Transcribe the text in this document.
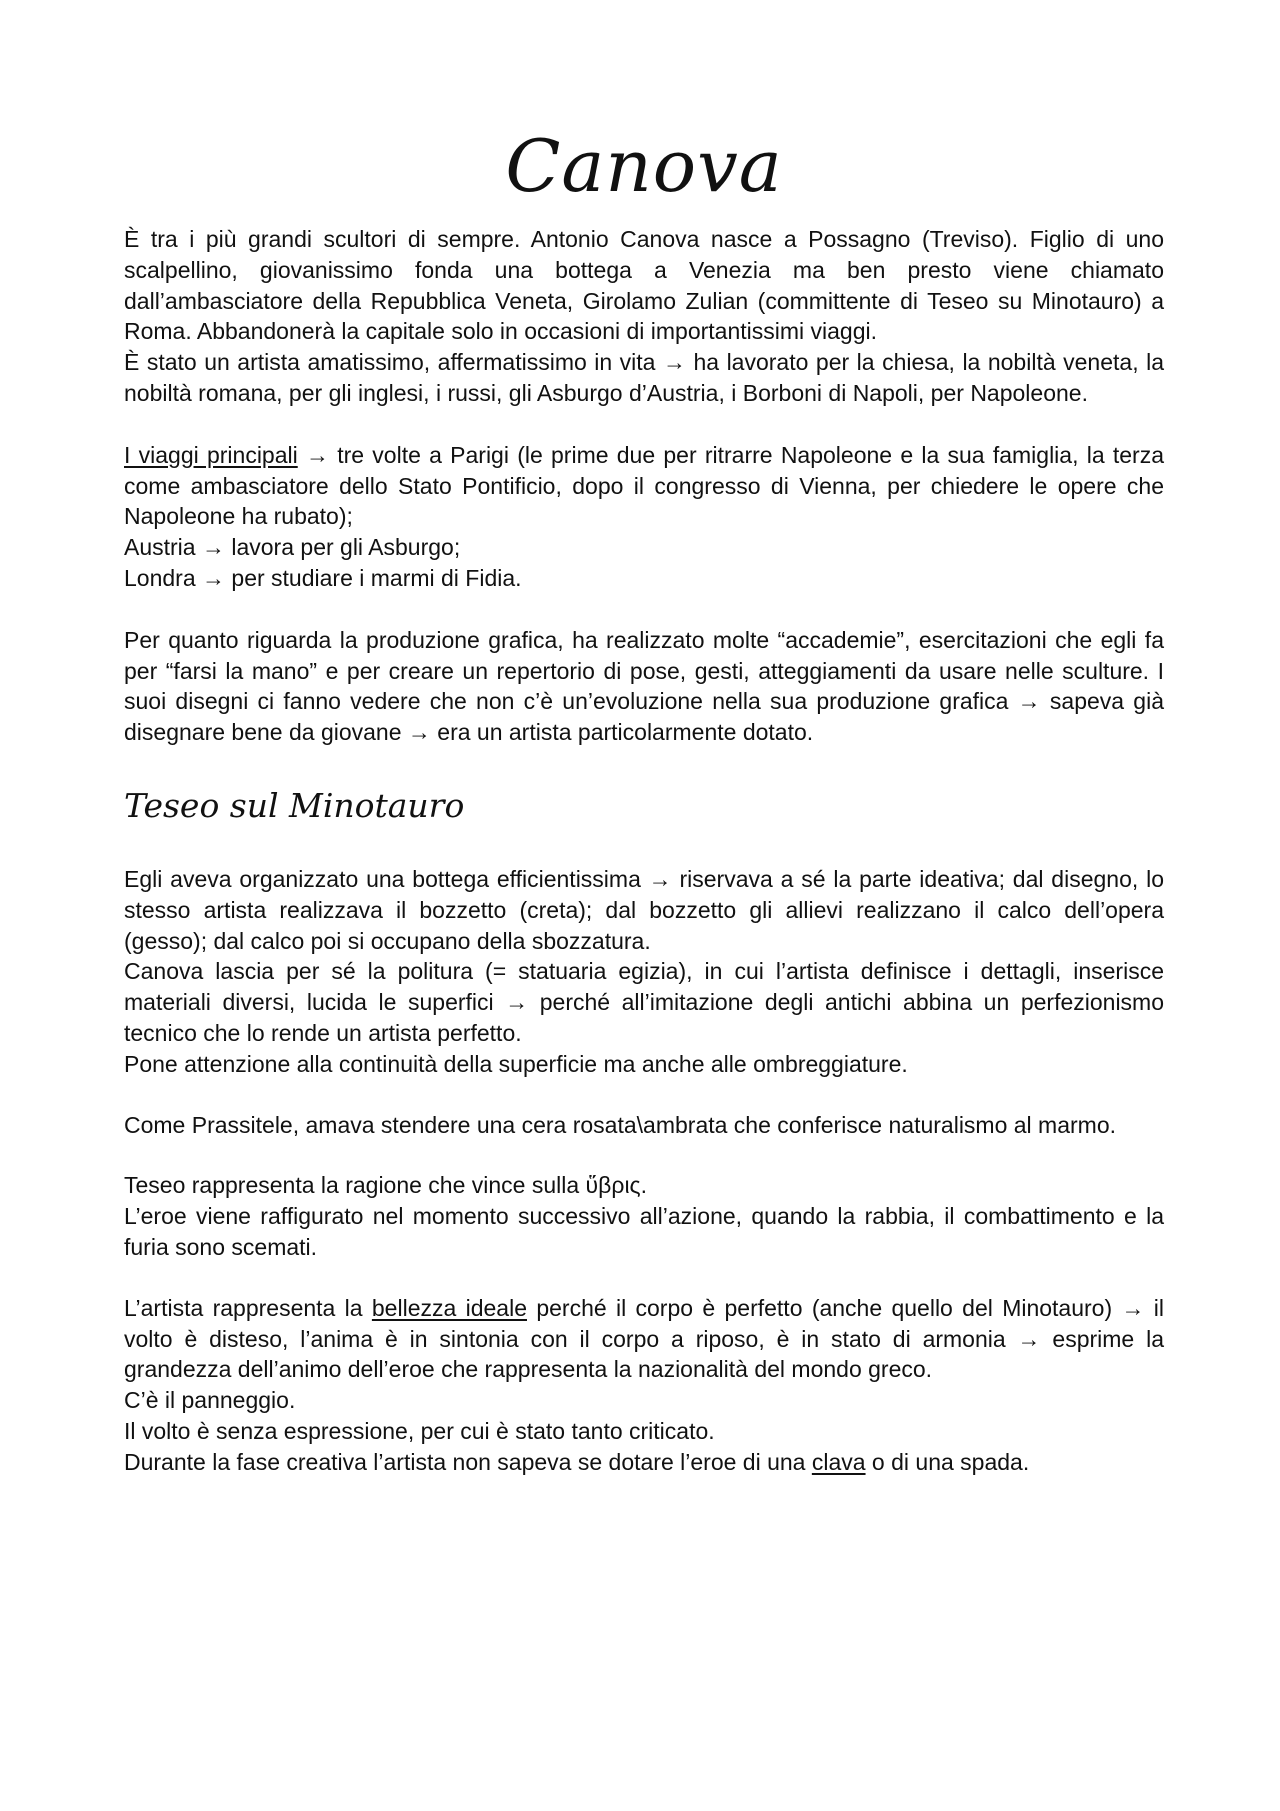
Canova

È tra i più grandi scultori di sempre. Antonio Canova nasce a Possagno (Treviso). Figlio di uno scalpellino, giovanissimo fonda una bottega a Venezia ma ben presto viene chiamato dall’ambasciatore della Repubblica Veneta, Girolamo Zulian (committente di Teseo su Minotauro) a Roma. Abbandonerà la capitale solo in occasioni di importantissimi viaggi.

È stato un artista amatissimo, affermatissimo in vita → ha lavorato per la chiesa, la nobiltà veneta, la nobiltà romana, per gli inglesi, i russi, gli Asburgo d’Austria, i Borboni di Napoli, per Napoleone.

I viaggi principali → tre volte a Parigi (le prime due per ritrarre Napoleone e la sua famiglia, la terza come ambasciatore dello Stato Pontificio, dopo il congresso di Vienna, per chiedere le opere che Napoleone ha rubato);

Austria → lavora per gli Asburgo;

Londra → per studiare i marmi di Fidia.

Per quanto riguarda la produzione grafica, ha realizzato molte “accademie”, esercitazioni che egli fa per “farsi la mano” e per creare un repertorio di pose, gesti, atteggiamenti da usare nelle sculture. I suoi disegni ci fanno vedere che non c’è un’evoluzione nella sua produzione grafica → sapeva già disegnare bene da giovane → era un artista particolarmente dotato.

Teseo sul Minotauro

Egli aveva organizzato una bottega efficientissima → riservava a sé la parte ideativa; dal disegno, lo stesso artista realizzava il bozzetto (creta); dal bozzetto gli allievi realizzano il calco dell’opera (gesso); dal calco poi si occupano della sbozzatura.

Canova lascia per sé la politura (= statuaria egizia), in cui l’artista definisce i dettagli, inserisce materiali diversi, lucida le superfici → perché all’imitazione degli antichi abbina un perfezionismo tecnico che lo rende un artista perfetto.

Pone attenzione alla continuità della superficie ma anche alle ombreggiature.

Come Prassitele, amava stendere una cera rosata\ambrata che conferisce naturalismo al marmo.

Teseo rappresenta la ragione che vince sulla ὕβρις.

L’eroe viene raffigurato nel momento successivo all’azione, quando la rabbia, il combattimento e la furia sono scemati.

L’artista rappresenta la bellezza ideale perché il corpo è perfetto (anche quello del Minotauro) → il volto è disteso, l’anima è in sintonia con il corpo a riposo, è in stato di armonia → esprime la grandezza dell’animo dell’eroe che rappresenta la nazionalità del mondo greco.

C’è il panneggio.

Il volto è senza espressione, per cui è stato tanto criticato.

Durante la fase creativa l’artista non sapeva se dotare l’eroe di una clava o di una spada.
